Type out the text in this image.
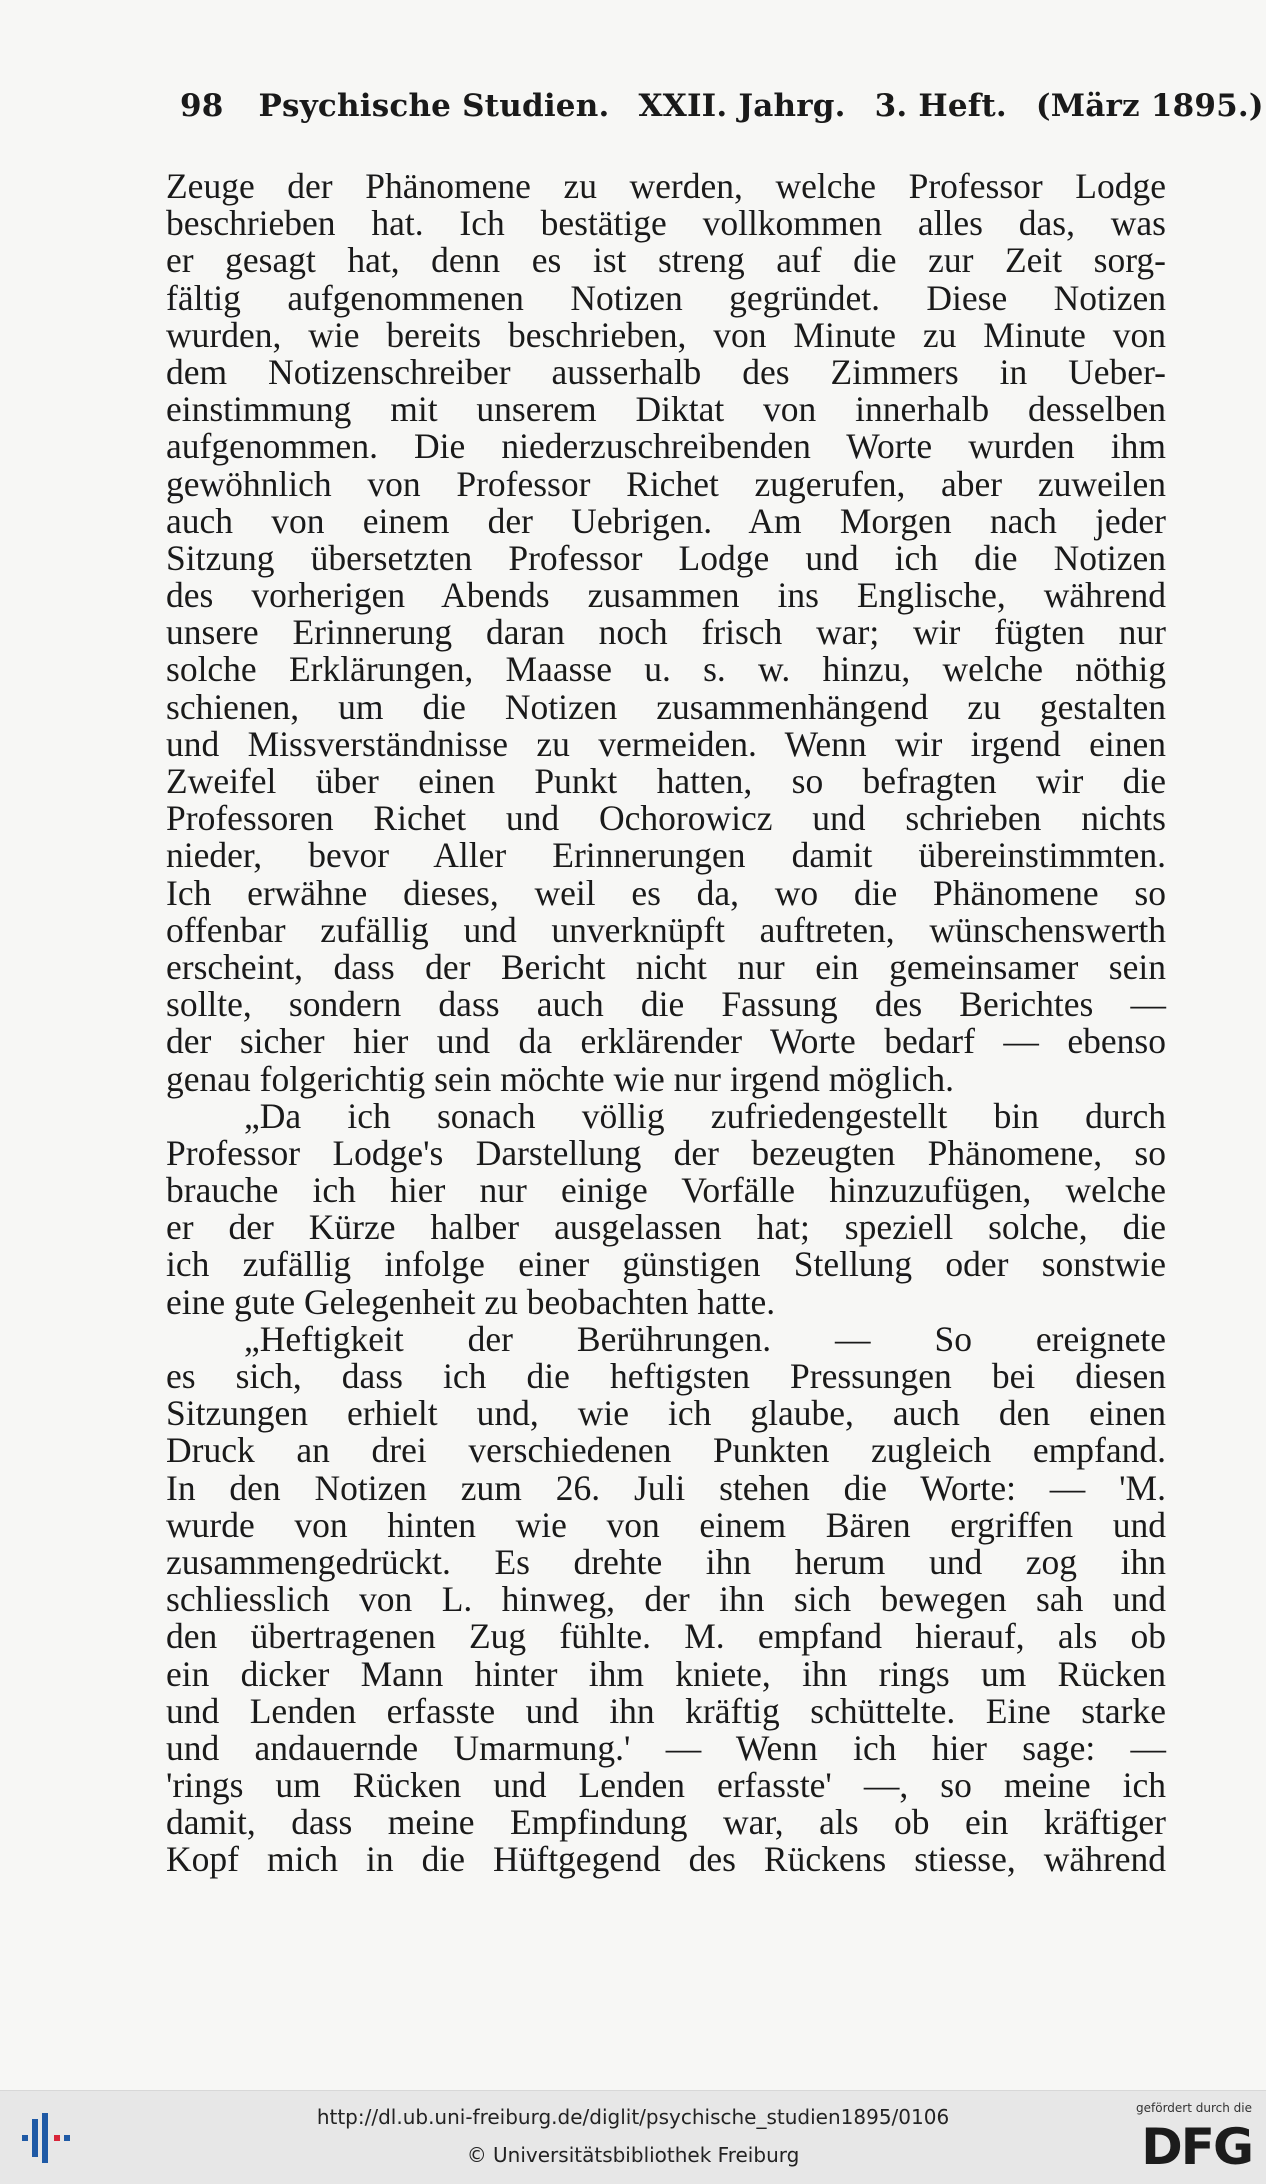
98 Psychische Studien. XXII. Jahrg. 3. Heft. (März 1895.)
Zeuge der Phänomene zu werden, welche Professor Lodge
beschrieben hat. Ich bestätige vollkommen alles das, was
er gesagt hat, denn es ist streng auf die zur Zeit sorg-
fältig aufgenommenen Notizen gegründet. Diese Notizen
wurden, wie bereits beschrieben, von Minute zu Minute von
dem Notizenschreiber ausserhalb des Zimmers in Ueber-
einstimmung mit unserem Diktat von innerhalb desselben
aufgenommen. Die niederzuschreibenden Worte wurden ihm
gewöhnlich von Professor Richet zugerufen, aber zuweilen
auch von einem der Uebrigen. Am Morgen nach jeder
Sitzung übersetzten Professor Lodge und ich die Notizen
des vorherigen Abends zusammen ins Englische, während
unsere Erinnerung daran noch frisch war; wir fügten nur
solche Erklärungen, Maasse u. s. w. hinzu, welche nöthig
schienen, um die Notizen zusammenhängend zu gestalten
und Missverständnisse zu vermeiden. Wenn wir irgend einen
Zweifel über einen Punkt hatten, so befragten wir die
Professoren Richet und Ochorowicz und schrieben nichts
nieder, bevor Aller Erinnerungen damit übereinstimmten.
Ich erwähne dieses, weil es da, wo die Phänomene so
offenbar zufällig und unverknüpft auftreten, wünschenswerth
erscheint, dass der Bericht nicht nur ein gemeinsamer sein
sollte, sondern dass auch die Fassung des Berichtes —
der sicher hier und da erklärender Worte bedarf — ebenso
genau folgerichtig sein möchte wie nur irgend möglich.
„Da ich sonach völlig zufriedengestellt bin durch
Professor Lodge's Darstellung der bezeugten Phänomene, so
brauche ich hier nur einige Vorfälle hinzuzufügen, welche
er der Kürze halber ausgelassen hat; speziell solche, die
ich zufällig infolge einer günstigen Stellung oder sonstwie
eine gute Gelegenheit zu beobachten hatte.
„Heftigkeit der Berührungen. — So ereignete
es sich, dass ich die heftigsten Pressungen bei diesen
Sitzungen erhielt und, wie ich glaube, auch den einen
Druck an drei verschiedenen Punkten zugleich empfand.
In den Notizen zum 26. Juli stehen die Worte: — 'M.
wurde von hinten wie von einem Bären ergriffen und
zusammengedrückt. Es drehte ihn herum und zog ihn
schliesslich von L. hinweg, der ihn sich bewegen sah und
den übertragenen Zug fühlte. M. empfand hierauf, als ob
ein dicker Mann hinter ihm kniete, ihn rings um Rücken
und Lenden erfasste und ihn kräftig schüttelte. Eine starke
und andauernde Umarmung.' — Wenn ich hier sage: —
'rings um Rücken und Lenden erfasste' —, so meine ich
damit, dass meine Empfindung war, als ob ein kräftiger
Kopf mich in die Hüftgegend des Rückens stiesse, während
http://dl.ub.uni-freiburg.de/diglit/psychische_studien1895/0106
© Universitätsbibliothek Freiburg
gefördert durch die
DFG
